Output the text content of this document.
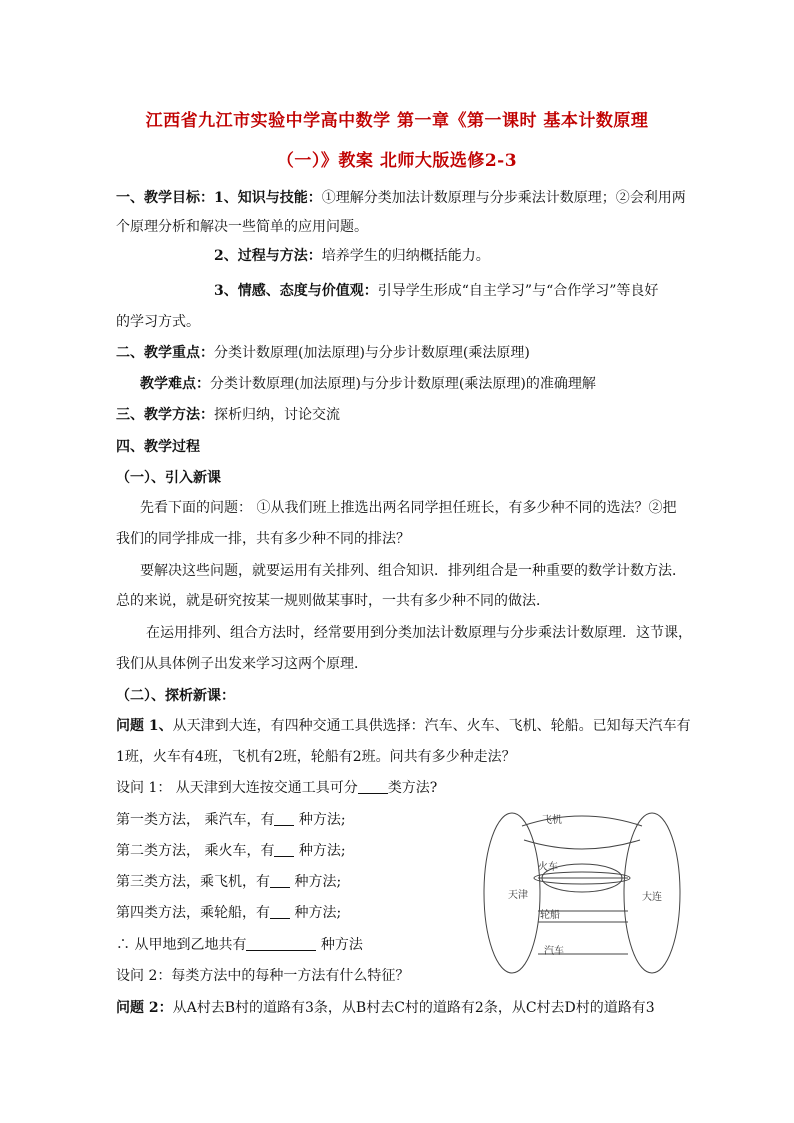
江西省九江市实验中学高中数学 第一章《第一课时 基本计数原理
（一）》教案 北师大版选修2-3
一、教学目标：1、知识与技能：①理解分类加法计数原理与分步乘法计数原理；②会利用两
个原理分析和解决一些简单的应用问题。
2、过程与方法：培养学生的归纳概括能力。
3、情感、态度与价值观：引导学生形成“自主学习”与“合作学习”等良好
的学习方式。
二、教学重点：分类计数原理(加法原理)与分步计数原理(乘法原理)
教学难点：分类计数原理(加法原理)与分步计数原理(乘法原理)的准确理解
三、教学方法：探析归纳，讨论交流
四、教学过程
（一）、引入新课
先看下面的问题： ①从我们班上推选出两名同学担任班长，有多少种不同的选法？②把
我们的同学排成一排，共有多少种不同的排法？
要解决这些问题，就要运用有关排列、组合知识．排列组合是一种重要的数学计数方法．
总的来说，就是研究按某一规则做某事时，一共有多少种不同的做法．
在运用排列、组合方法时，经常要用到分类加法计数原理与分步乘法计数原理．这节课，
我们从具体例子出发来学习这两个原理．
（二）、探析新课：
问题 1、从天津到大连，有四种交通工具供选择：汽车、火车、飞机、轮船。已知每天汽车有
1班，火车有4班，飞机有2班，轮船有2班。问共有多少种走法？
设问 1： 从天津到大连按交通工具可分 类方法?
第一类方法， 乘汽车，有 种方法;
第二类方法， 乘火车，有 种方法;
第三类方法，乘飞机，有 种方法;
第四类方法，乘轮船，有 种方法;
∴ 从甲地到乙地共有	种方法
设问 2：每类方法中的每种一方法有什么特征？
问题 2：从A村去B村的道路有3条，从B村去C村的道路有2条，从C村去D村的道路有3
天津	大连
飞机
火车
轮船
汽车
